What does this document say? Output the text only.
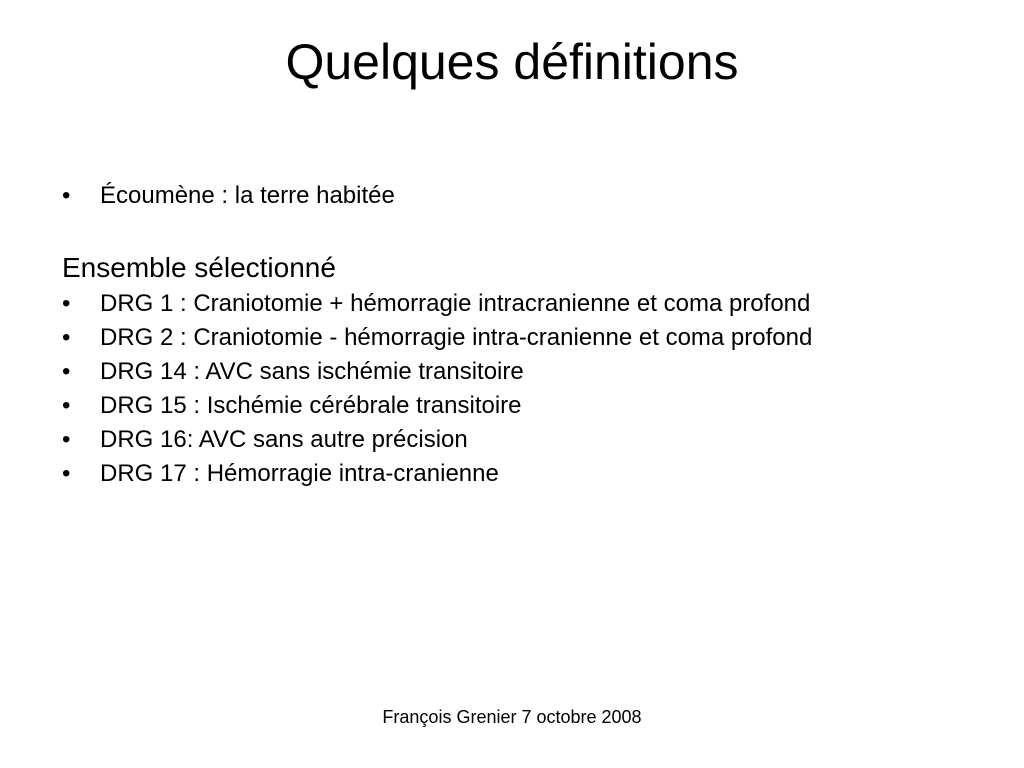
Quelques définitions
•	Écoumène : la terre habitée
Ensemble sélectionné
•	DRG 1 : Craniotomie + hémorragie intracranienne et coma profond
•	DRG 2 : Craniotomie - hémorragie intra-cranienne et coma profond
•	DRG 14 : AVC sans ischémie transitoire
•	DRG 15 : Ischémie cérébrale transitoire
•	DRG 16: AVC sans autre précision
•	DRG 17 : Hémorragie intra-cranienne
François Grenier 7 octobre 2008
